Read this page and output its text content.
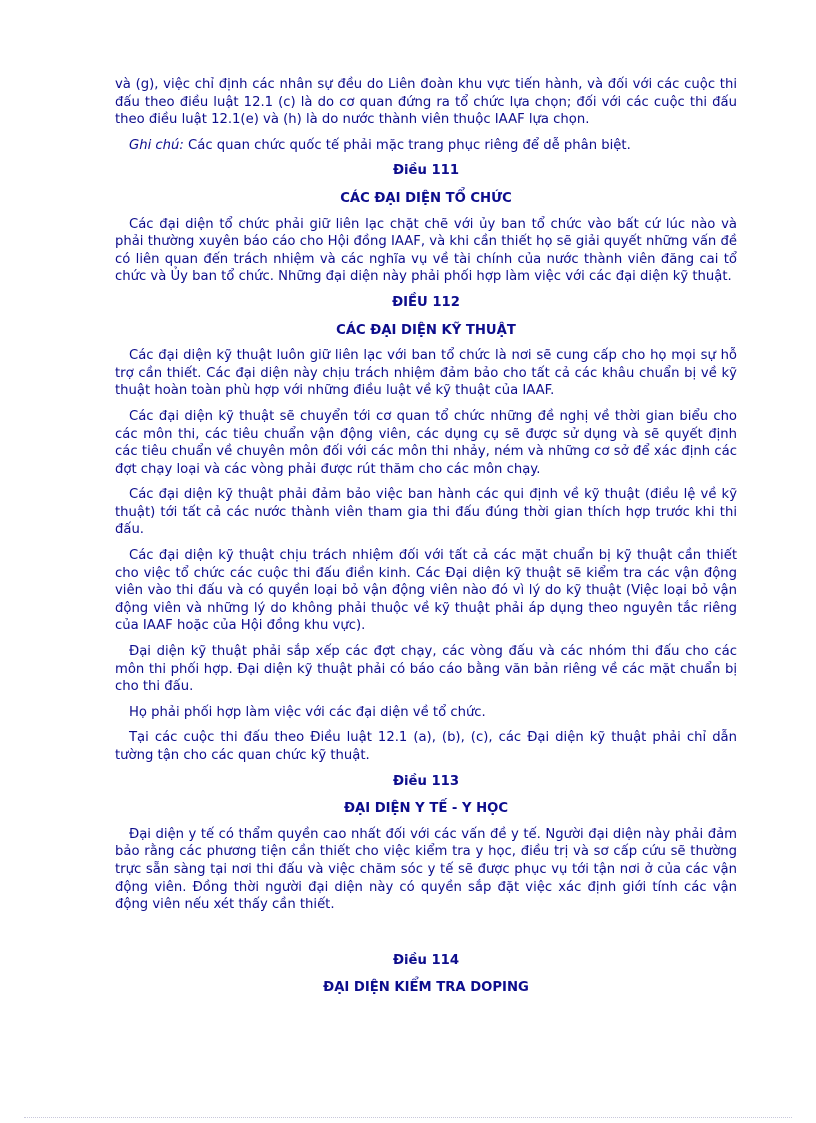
và (g), việc chỉ định các nhân sự đều do Liên đoàn khu vực tiến hành, và đối với các cuộc thi đấu theo điều luật 12.1 (c) là do cơ quan đứng ra tổ chức lựa chọn; đối với các cuộc thi đấu theo điều luật 12.1(e) và (h) là do nước thành viên thuộc IAAF lựa chọn.

Ghi chú: Các quan chức quốc tế phải mặc trang phục riêng để dễ phân biệt.

Điều 111
CÁC ĐẠI DIỆN TỔ CHỨC

Các đại diện tổ chức phải giữ liên lạc chặt chẽ với ủy ban tổ chức vào bất cứ lúc nào và phải thường xuyên báo cáo cho Hội đồng IAAF, và khi cần thiết họ sẽ giải quyết những vấn đề có liên quan đến trách nhiệm và các nghĩa vụ về tài chính của nước thành viên đăng cai tổ chức và Ủy ban tổ chức. Những đại diện này phải phối hợp làm việc với các đại diện kỹ thuật.

ĐIỀU 112
CÁC ĐẠI DIỆN KỸ THUẬT

Các đại diện kỹ thuật luôn giữ liên lạc với ban tổ chức là nơi sẽ cung cấp cho họ mọi sự hỗ trợ cần thiết. Các đại diện này chịu trách nhiệm đảm bảo cho tất cả các khâu chuẩn bị về kỹ thuật hoàn toàn phù hợp với những điều luật về kỹ thuật của IAAF.

Các đại diện kỹ thuật sẽ chuyển tới cơ quan tổ chức những đề nghị về thời gian biểu cho các môn thi, các tiêu chuẩn vận động viên, các dụng cụ sẽ được sử dụng và sẽ quyết định các tiêu chuẩn về chuyên môn đối với các môn thi nhảy, ném và những cơ sở để xác định các đợt chạy loại và các vòng phải được rút thăm cho các môn chạy.

Các đại diện kỹ thuật phải đảm bảo việc ban hành các qui định về kỹ thuật (điều lệ về kỹ thuật) tới tất cả các nước thành viên tham gia thi đấu đúng thời gian thích hợp trước khi thi đấu.

Các đại diện kỹ thuật chịu trách nhiệm đối với tất cả các mặt chuẩn bị kỹ thuật cần thiết cho việc tổ chức các cuộc thi đấu điền kinh. Các Đại diện kỹ thuật sẽ kiểm tra các vận động viên vào thi đấu và có quyền loại bỏ vận động viên nào đó vì lý do kỹ thuật (Việc loại bỏ vận động viên và những lý do không phải thuộc về kỹ thuật phải áp dụng theo nguyên tắc riêng của IAAF hoặc của Hội đồng khu vực).

Đại diện kỹ thuật phải sắp xếp các đợt chạy, các vòng đấu và các nhóm thi đấu cho các môn thi phối hợp. Đại diện kỹ thuật phải có báo cáo bằng văn bản riêng về các mặt chuẩn bị cho thi đấu.

Họ phải phối hợp làm việc với các đại diện về tổ chức.

Tại các cuộc thi đấu theo Điều luật 12.1 (a), (b), (c), các Đại diện kỹ thuật phải chỉ dẫn tường tận cho các quan chức kỹ thuật.

Điều 113
ĐẠI DIỆN Y TẾ - Y HỌC

Đại diện y tế có thẩm quyền cao nhất đối với các vấn đề y tế. Người đại diện này phải đảm bảo rằng các phương tiện cần thiết cho việc kiểm tra y học, điều trị và sơ cấp cứu sẽ thường trực sẵn sàng tại nơi thi đấu và việc chăm sóc y tế sẽ được phục vụ tới tận nơi ở của các vận động viên. Đồng thời người đại diện này có quyền sắp đặt việc xác định giới tính các vận động viên nếu xét thấy cần thiết.

Điều 114
ĐẠI DIỆN KIỂM TRA DOPING
